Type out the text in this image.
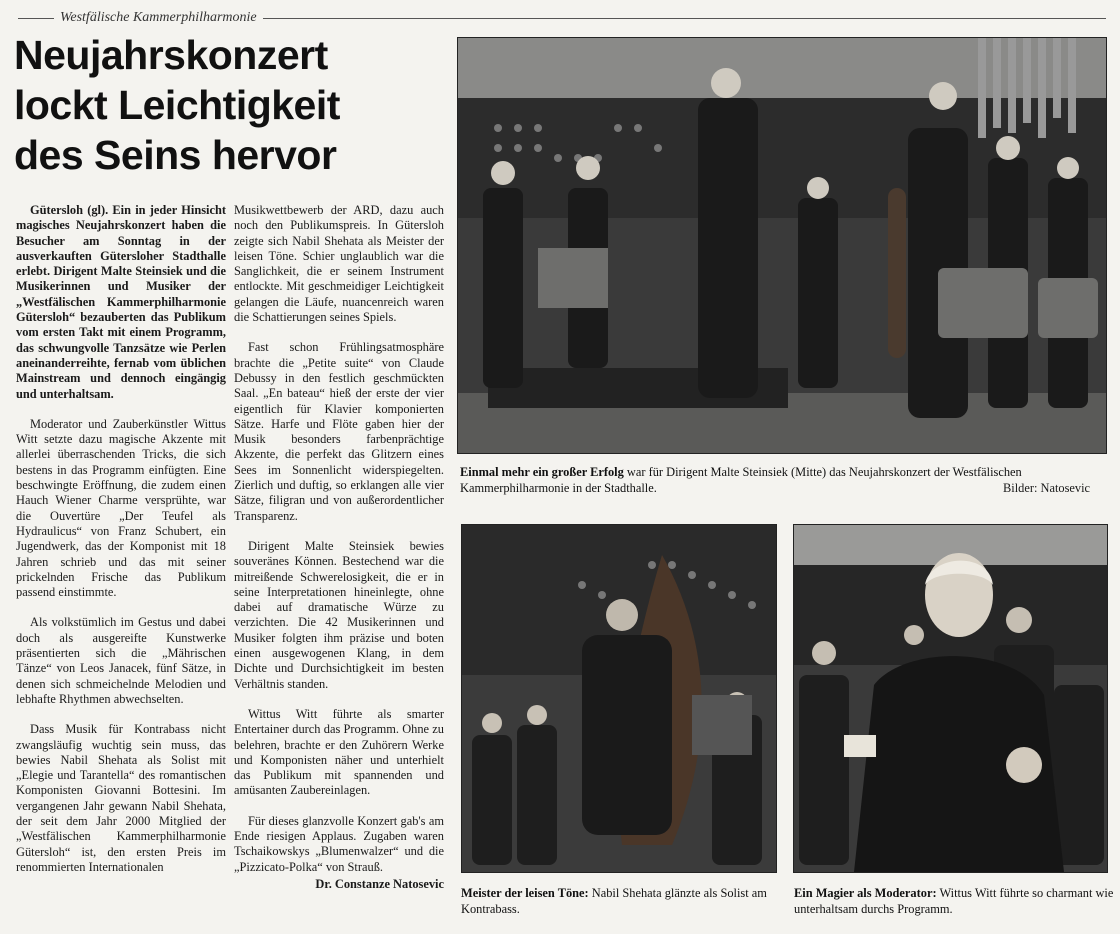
Westfälische Kammerphilharmonie
Neujahrskonzert
lockt Leichtigkeit
des Seins hervor

Gütersloh (gl). Ein in jeder Hinsicht magisches Neujahrskonzert haben die Besucher am Sonntag in der ausverkauften Gütersloher Stadthalle erlebt. Dirigent Malte Steinsiek und die Musikerinnen und Musiker der „Westfälischen Kammerphilharmonie Gütersloh“ bezauberten das Publikum vom ersten Takt mit einem Programm, das schwungvolle Tanzsätze wie Perlen aneinanderreihte, fernab vom üblichen Mainstream und dennoch eingängig und unterhaltsam.

Moderator und Zauberkünstler Wittus Witt setzte dazu magische Akzente mit allerlei überraschenden Tricks, die sich bestens in das Programm einfügten. Eine beschwingte Eröffnung, die zudem einen Hauch Wiener Charme versprühte, war die Ouvertüre „Der Teufel als Hydraulicus“ von Franz Schubert, ein Jugendwerk, das der Komponist mit 18 Jahren schrieb und das mit seiner prickelnden Frische das Publikum passend einstimmte.

Als volkstümlich im Gestus und dabei doch als ausgereifte Kunstwerke präsentierten sich die „Mährischen Tänze“ von Leos Janacek, fünf Sätze, in denen sich schmeichelnde Melodien und lebhafte Rhythmen abwechselten.

Dass Musik für Kontrabass nicht zwangsläufig wuchtig sein muss, das bewies Nabil Shehata als Solist mit „Elegie und Tarantella“ des romantischen Komponisten Giovanni Bottesini. Im vergangenen Jahr gewann Nabil Shehata, der seit dem Jahr 2000 Mitglied der „Westfälischen Kammerphilharmonie Gütersloh“ ist, den ersten Preis im renommierten Internationalen

Musikwettbewerb der ARD, dazu auch noch den Publikumspreis. In Gütersloh zeigte sich Nabil Shehata als Meister der leisen Töne. Schier unglaublich war die Sanglichkeit, die er seinem Instrument entlockte. Mit geschmeidiger Leichtigkeit gelangen die Läufe, nuancenreich waren die Schattierungen seines Spiels.

Fast schon Frühlingsatmosphäre brachte die „Petite suite“ von Claude Debussy in den festlich geschmückten Saal. „En bateau“ hieß der erste der vier eigentlich für Klavier komponierten Sätze. Harfe und Flöte gaben hier der Musik besonders farbenprächtige Akzente, die perfekt das Glitzern eines Sees im Sonnenlicht widerspiegelten. Zierlich und duftig, so erklangen alle vier Sätze, filigran und von außerordentlicher Transparenz.

Dirigent Malte Steinsiek bewies souveränes Können. Bestechend war die mitreißende Schwerelosigkeit, die er in seine Interpretationen hineinlegte, ohne dabei auf dramatische Würze zu verzichten. Die 42 Musikerinnen und Musiker folgten ihm präzise und boten einen ausgewogenen Klang, in dem Dichte und Durchsichtigkeit im besten Verhältnis standen.

Wittus Witt führte als smarter Entertainer durch das Programm. Ohne zu belehren, brachte er den Zuhörern Werke und Komponisten näher und unterhielt das Publikum mit spannenden und amüsanten Zaubereinlagen.

Für dieses glanzvolle Konzert gab's am Ende riesigen Applaus. Zugaben waren Tschaikowskys „Blumenwalzer“ und die „Pizzicato-Polka“ von Strauß.

Dr. Constanze Natosevic
Einmal mehr ein großer Erfolg war für Dirigent Malte Steinsiek (Mitte) das Neujahrskonzert der Westfälischen Kammerphilharmonie in der Stadthalle.	Bilder: Natosevic
Meister der leisen Töne: Nabil Shehata glänzte als Solist am Kontrabass.
Ein Magier als Moderator: Wittus Witt führte so charmant wie unterhaltsam durchs Programm.
